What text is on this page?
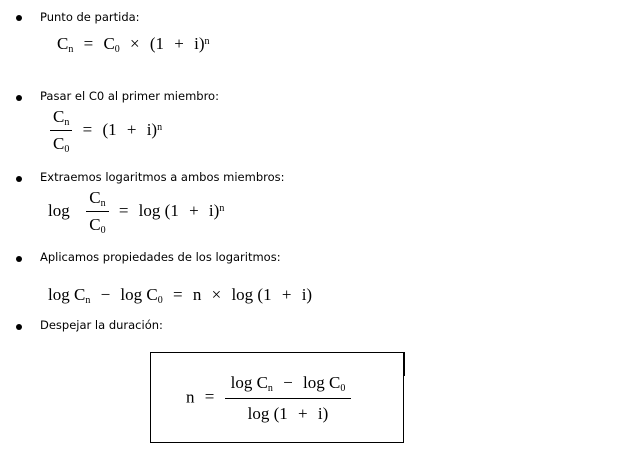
Punto de partida:
$C_n = C_0 \times (1 + i)^n$
Pasar el C0 al primer miembro:
$\frac{C_n}{C_0} = (1 + i)^n$
Extraemos logaritmos a ambos miembros:
$\log \frac{C_n}{C_0} = \log (1 + i)^n$
Aplicamos propiedades de los logaritmos:
$\log C_n - \log C_0 = n \times \log (1 + i)$
Despejar la duración:
$n = \frac{\log C_n - \log C_0}{\log (1 + i)}$
